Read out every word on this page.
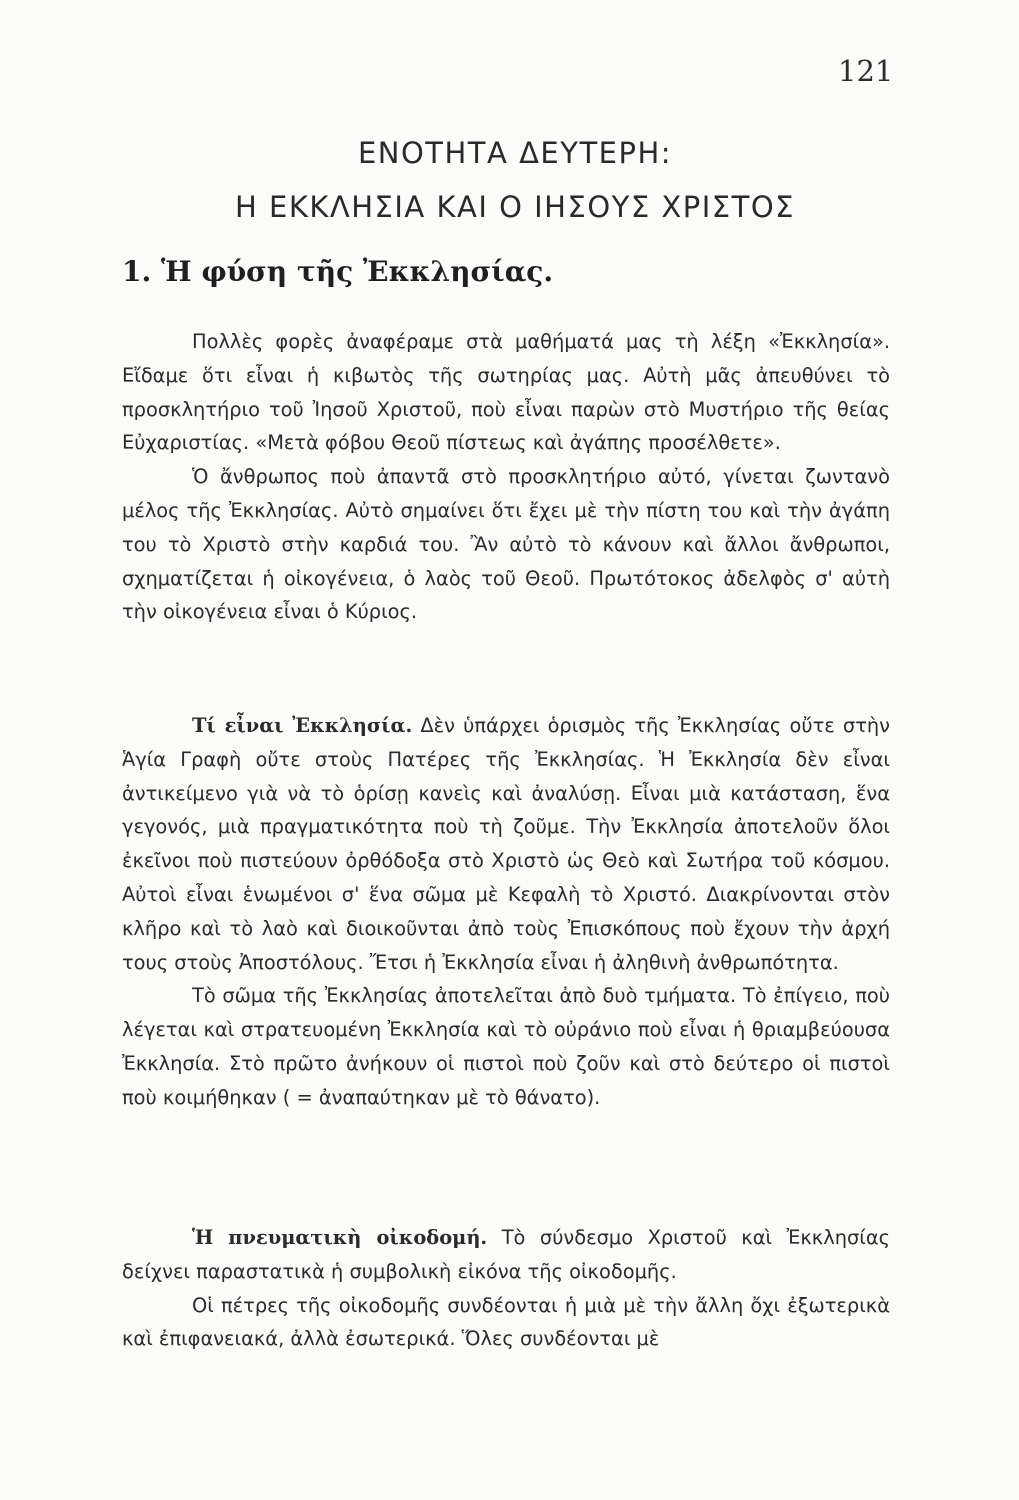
121
ΕΝΟΤΗΤΑ ΔΕΥΤΕΡΗ:
Η ΕΚΚΛΗΣΙΑ ΚΑΙ Ο ΙΗΣΟΥΣ ΧΡΙΣΤΟΣ
1. Ἡ φύση τῆς Ἐκκλησίας.

Πολλὲς φορὲς ἀναφέραμε στὰ μαθήματά μας τὴ λέξη «Ἐκκλησία». Εἴδαμε ὅτι εἶναι ἡ κιβωτὸς τῆς σωτηρίας μας. Αὐτὴ μᾶς ἀπευθύνει τὸ προσκλητήριο τοῦ Ἰησοῦ Χριστοῦ, ποὺ εἶναι παρὼν στὸ Μυστήριο τῆς θείας Εὐχαριστίας. «Μετὰ φόβου Θεοῦ πίστεως καὶ ἀγάπης προσέλθετε».

Ὁ ἄνθρωπος ποὺ ἀπαντᾶ στὸ προσκλητήριο αὐτό, γίνεται ζωντανὸ μέλος τῆς Ἐκκλησίας. Αὐτὸ σημαίνει ὅτι ἔχει μὲ τὴν πίστη του καὶ τὴν ἀγάπη του τὸ Χριστὸ στὴν καρδιά του. Ἂν αὐτὸ τὸ κάνουν καὶ ἄλλοι ἄνθρωποι, σχηματίζεται ἡ οἰκογένεια, ὁ λαὸς τοῦ Θεοῦ. Πρωτότοκος ἀδελφὸς σ' αὐτὴ τὴν οἰκογένεια εἶναι ὁ Κύριος.

Τί εἶναι Ἐκκλησία. Δὲν ὑπάρχει ὁρισμὸς τῆς Ἐκκλησίας οὔτε στὴν Ἁγία Γραφὴ οὔτε στοὺς Πατέρες τῆς Ἐκκλησίας. Ἡ Ἐκκλησία δὲν εἶναι ἀντικείμενο γιὰ νὰ τὸ ὁρίσῃ κανεὶς καὶ ἀναλύσῃ. Εἶναι μιὰ κατάσταση, ἕνα γεγονός, μιὰ πραγματικότητα ποὺ τὴ ζοῦμε. Τὴν Ἐκκλησία ἀποτελοῦν ὅλοι ἐκεῖνοι ποὺ πιστεύουν ὀρθόδοξα στὸ Χριστὸ ὡς Θεὸ καὶ Σωτήρα τοῦ κόσμου. Αὐτοὶ εἶναι ἑνωμένοι σ' ἕνα σῶμα μὲ Κεφαλὴ τὸ Χριστό. Διακρίνονται στὸν κλῆρο καὶ τὸ λαὸ καὶ διοικοῦνται ἀπὸ τοὺς Ἐπισκόπους ποὺ ἔχουν τὴν ἀρχή τους στοὺς Ἀποστόλους. Ἔτσι ἡ Ἐκκλησία εἶναι ἡ ἀληθινὴ ἀνθρωπότητα.

Τὸ σῶμα τῆς Ἐκκλησίας ἀποτελεῖται ἀπὸ δυὸ τμήματα. Τὸ ἐπίγειο, ποὺ λέγεται καὶ στρατευομένη Ἐκκλησία καὶ τὸ οὐράνιο ποὺ εἶναι ἡ θριαμβεύουσα Ἐκκλησία. Στὸ πρῶτο ἀνήκουν οἱ πιστοὶ ποὺ ζοῦν καὶ στὸ δεύτερο οἱ πιστοὶ ποὺ κοιμήθηκαν ( = ἀναπαύτηκαν μὲ τὸ θάνατο).

Ἡ πνευματικὴ οἰκοδομή. Τὸ σύνδεσμο Χριστοῦ καὶ Ἐκκλησίας δείχνει παραστατικὰ ἡ συμβολικὴ εἰκόνα τῆς οἰκοδομῆς.

Οἱ πέτρες τῆς οἰκοδομῆς συνδέονται ἡ μιὰ μὲ τὴν ἄλλη ὄχι ἐξωτερικὰ καὶ ἐπιφανειακά, ἀλλὰ ἐσωτερικά. Ὅλες συνδέονται μὲ
